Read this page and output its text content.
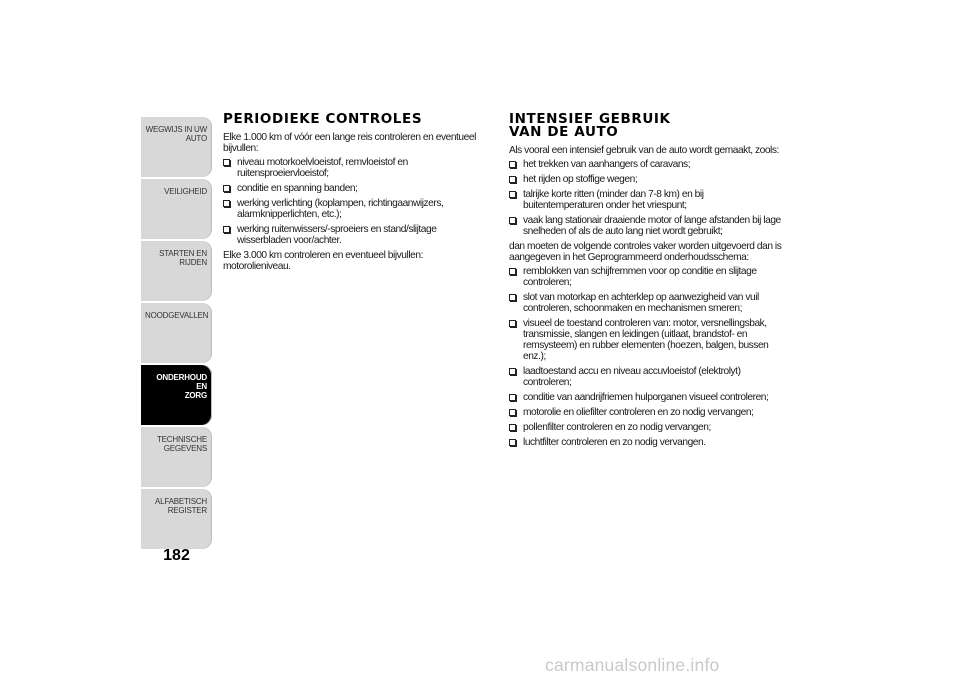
WEGWIJS IN UW
AUTO
VEILIGHEID
STARTEN EN RIJDEN
NOODGEVALLEN
ONDERHOUD EN
ZORG
TECHNISCHE
GEGEVENS
ALFABETISCH
REGISTER
182
PERIODIEKE CONTROLES

Elke 1.000 km of vóór een lange reis controleren en eventueel bijvullen:

niveau motorkoelvloeistof, remvloeistof en ruitensproeiervloeistof;
conditie en spanning banden;
werking verlichting (koplampen, richtingaanwijzers, alarmknipperlichten, etc.);
werking ruitenwissers/-sproeiers en stand/slijtage wisserbladen voor/achter.

Elke 3.000 km controleren en eventueel bijvullen: motorolieniveau.

INTENSIEF GEBRUIK
VAN DE AUTO

Als vooral een intensief gebruik van de auto wordt gemaakt, zools:

het trekken van aanhangers of caravans;
het rijden op stoffige wegen;
talrijke korte ritten (minder dan 7-8 km) en bij buitentemperaturen onder het vriespunt;
vaak lang stationair draaiende motor of lange afstanden bij lage snelheden of als de auto lang niet wordt gebruikt;

dan moeten de volgende controles vaker worden uitgevoerd dan is aangegeven in het Geprogrammeerd onderhoudsschema:

remblokken van schijfremmen voor op conditie en slijtage controleren;
slot van motorkap en achterklep op aanwezigheid van vuil controleren, schoonmaken en mechanismen smeren;
visueel de toestand controleren van: motor, versnellingsbak, transmissie, slangen en leidingen (uitlaat, brandstof- en remsysteem) en rubber elementen (hoezen, balgen, bussen enz.);
laadtoestand accu en niveau accuvloeistof (elektrolyt) controleren;
conditie van aandrijfriemen hulporganen visueel controleren;
motorolie en oliefilter controleren en zo nodig vervangen;
pollenfilter controleren en zo nodig vervangen;
luchtfilter controleren en zo nodig vervangen.
carmanualsonline.info
